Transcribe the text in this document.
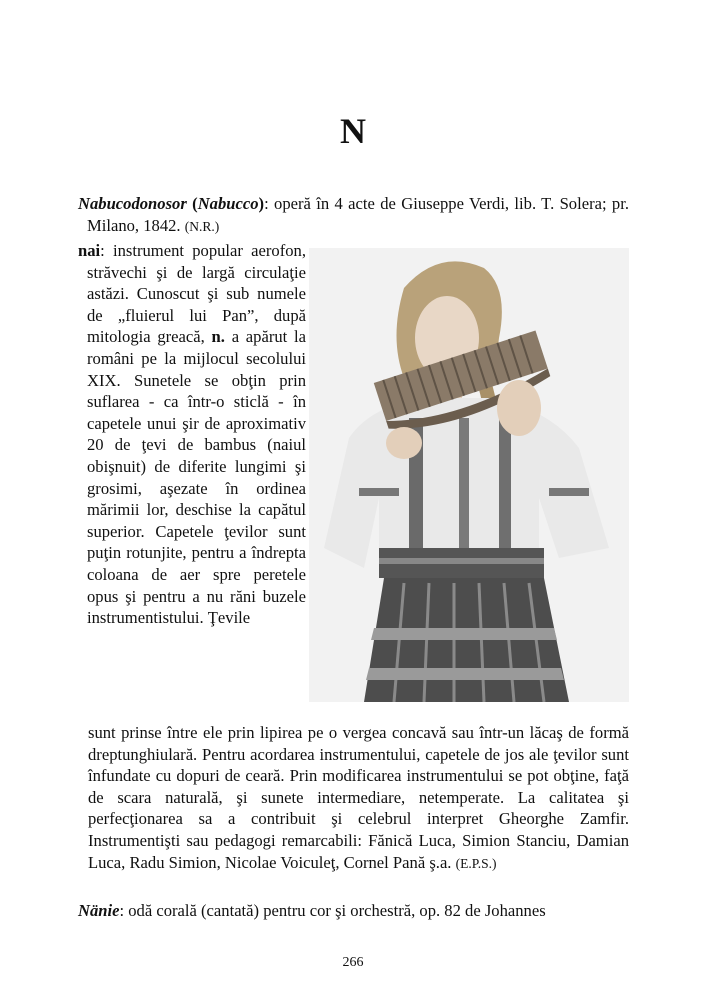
N
Nabucodonosor (Nabucco): operă în 4 acte de Giuseppe Verdi, lib. T. Solera; pr. Milano, 1842. (N.R.)
nai: instrument popular aerofon, străvechi şi de largă circulaţie astăzi. Cunoscut şi sub numele de „fluierul lui Pan”, după mitologia greacă, n. a apărut la români pe la mijlocul secolului XIX. Sunetele se obţin prin suflarea - ca într-o sticlă - în capetele unui şir de aproximativ 20 de ţevi de bambus (naiul obişnuit) de diferite lungimi şi grosimi, aşezate în ordinea mărimii lor, deschise la capătul superior. Capetele ţevilor sunt puţin rotunjite, pentru a îndrepta coloana de aer spre peretele opus şi pentru a nu răni buzele instrumentistului. Ţevile
sunt prinse între ele prin lipirea pe o vergea concavă sau într-un lăcaş de formă dreptunghiulară. Pentru acordarea instrumentului, capetele de jos ale ţevilor sunt înfundate cu dopuri de ceară. Prin modificarea instrumentului se pot obţine, faţă de scara naturală, şi sunete intermediare, netemperate. La calitatea şi perfecţionarea sa a contribuit şi celebrul interpret Gheorghe Zamfir. Instrumentişti sau pedagogi remarcabili: Fănică Luca, Simion Stanciu, Damian Luca, Radu Simion, Nicolae Voiculeţ, Cornel Pană ş.a. (E.P.S.)
Nänie: odă corală (cantată) pentru cor şi orchestră, op. 82 de Johannes
266
